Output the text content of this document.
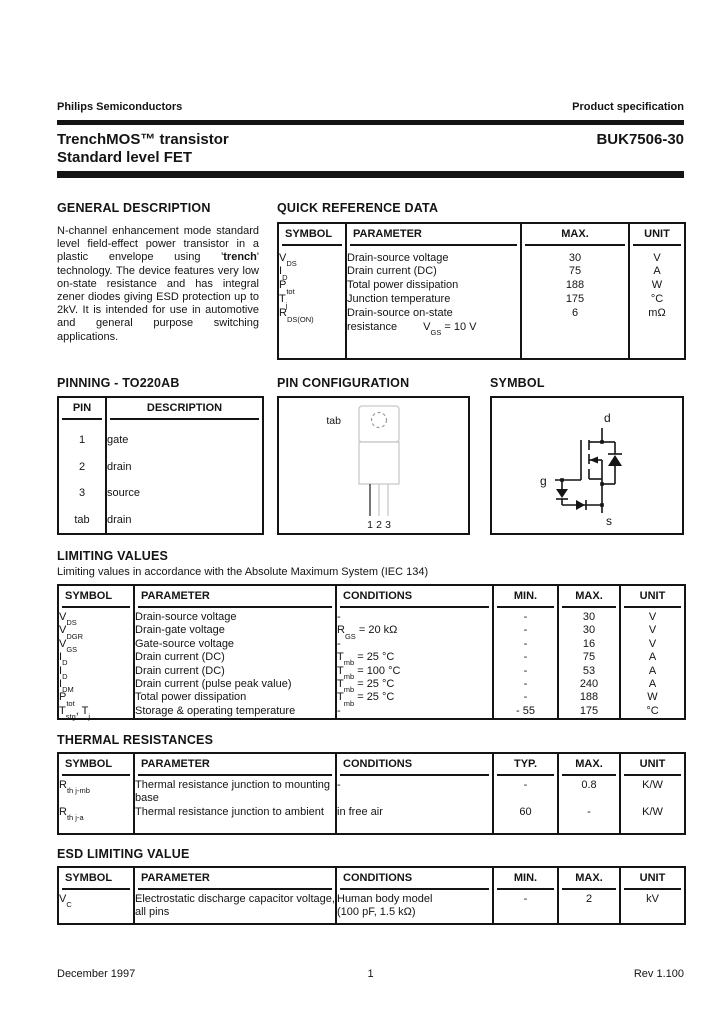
Philips Semiconductors	Product specification
TrenchMOS™ transistor
Standard level FET
BUK7506-30
GENERAL DESCRIPTION
N-channel enhancement mode standard level field-effect power transistor in a plastic envelope using 'trench' technology. The device features very low on-state resistance and has integral zener diodes giving ESD protection up to 2kV. It is intended for use in automotive and general purpose switching applications.
QUICK REFERENCE DATA
SYMBOL	PARAMETER	MAX.	UNIT

$V_{DS}$	Drain-source voltage	30	V
$I_D$	Drain current (DC)	75	A
$P_{tot}$	Total power dissipation	188	W
$T_j$	Junction temperature	175	°C
$R_{DS(ON)}$	Drain-source on-state
resistance $V_{GS} = 10$ V	6	mΩ

PINNING - TO220AB
PIN	DESCRIPTION

1	gate
2	drain
3	source
tab	drain

PIN CONFIGURATION
tab
1 2 3
SYMBOL
d
g
s
LIMITING VALUES
Limiting values in accordance with the Absolute Maximum System (IEC 134)
SYMBOL	PARAMETER	CONDITIONS	MIN.	MAX.	UNIT

$V_{DS}$	Drain-source voltage	-	-	30	V
$V_{DGR}$	Drain-gate voltage	$R_{GS} = 20$ kΩ	-	30	V
$V_{GS}$	Gate-source voltage	-	-	16	V
$I_D$	Drain current (DC)	$T_{mb} = 25$ °C	-	75	A
$I_D$	Drain current (DC)	$T_{mb} = 100$ °C	-	53	A
$I_{DM}$	Drain current (pulse peak value)	$T_{mb} = 25$ °C	-	240	A
$P_{tot}$	Total power dissipation	$T_{mb} = 25$ °C	-	188	W
$T_{stg}$, $T_j$	Storage & operating temperature	-	- 55	175	°C

THERMAL RESISTANCES
SYMBOL	PARAMETER	CONDITIONS	TYP.	MAX.	UNIT

$R_{th j-mb}$	Thermal resistance junction to mounting base	-	-	0.8	K/W
$R_{th j-a}$	Thermal resistance junction to ambient	in free air	60	-	K/W

ESD LIMITING VALUE
SYMBOL	PARAMETER	CONDITIONS	MIN.	MAX.	UNIT

$V_C$	Electrostatic discharge capacitor voltage, all pins	Human body model
(100 pF, 1.5 kΩ)	-	2	kV

December 1997	1	Rev 1.100
